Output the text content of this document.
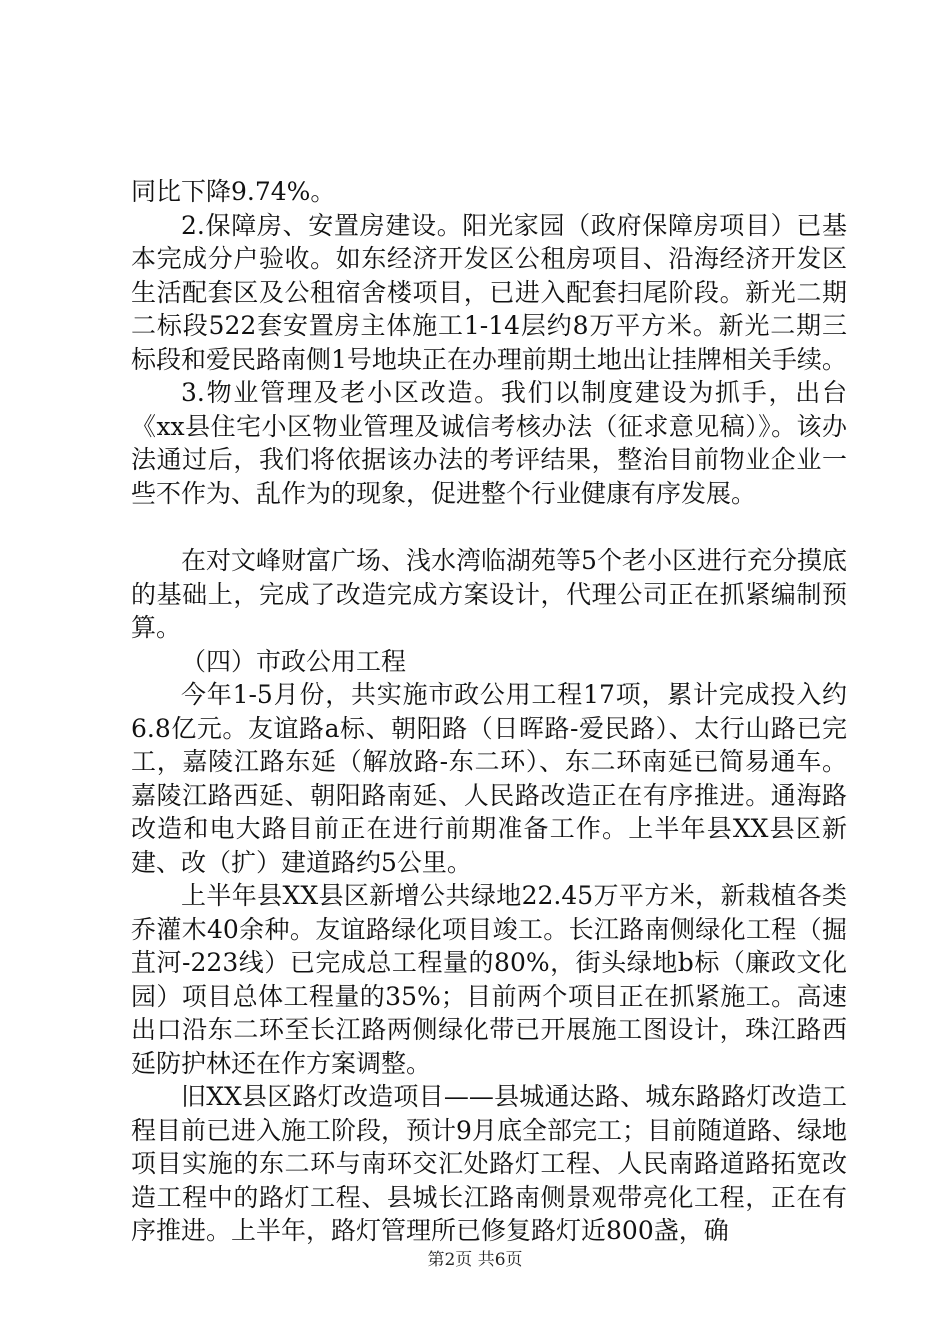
同比下降9.74%。

2.保障房、安置房建设。阳光家园（政府保障房项目）已基本完成分户验收。如东经济开发区公租房项目、沿海经济开发区生活配套区及公租宿舍楼项目，已进入配套扫尾阶段。新光二期二标段522套安置房主体施工1-14层约8万平方米。新光二期三标段和爱民路南侧1号地块正在办理前期土地出让挂牌相关手续。

3.物业管理及老小区改造。我们以制度建设为抓手，出台《xx县住宅小区物业管理及诚信考核办法（征求意见稿）》。该办法通过后，我们将依据该办法的考评结果，整治目前物业企业一些不作为、乱作为的现象，促进整个行业健康有序发展。

在对文峰财富广场、浅水湾临湖苑等5个老小区进行充分摸底的基础上，完成了改造完成方案设计，代理公司正在抓紧编制预算。

（四）市政公用工程

今年1-5月份，共实施市政公用工程17项，累计完成投入约6.8亿元。友谊路a标、朝阳路（日晖路-爱民路）、太行山路已完工，嘉陵江路东延（解放路-东二环）、东二环南延已简易通车。嘉陵江路西延、朝阳路南延、人民路改造正在有序推进。通海路改造和电大路目前正在进行前期准备工作。上半年县XX县区新建、改（扩）建道路约5公里。

上半年县XX县区新增公共绿地22.45万平方米，新栽植各类乔灌木40余种。友谊路绿化项目竣工。长江路南侧绿化工程（掘苴河-223线）已完成总工程量的80%，街头绿地b标（廉政文化园）项目总体工程量的35%；目前两个项目正在抓紧施工。高速出口沿东二环至长江路两侧绿化带已开展施工图设计，珠江路西延防护林还在作方案调整。

旧XX县区路灯改造项目——县城通达路、城东路路灯改造工程目前已进入施工阶段，预计9月底全部完工；目前随道路、绿地项目实施的东二环与南环交汇处路灯工程、人民南路道路拓宽改造工程中的路灯工程、县城长江路南侧景观带亮化工程，正在有序推进。上半年，路灯管理所已修复路灯近800盏，确

第2页 共6页
